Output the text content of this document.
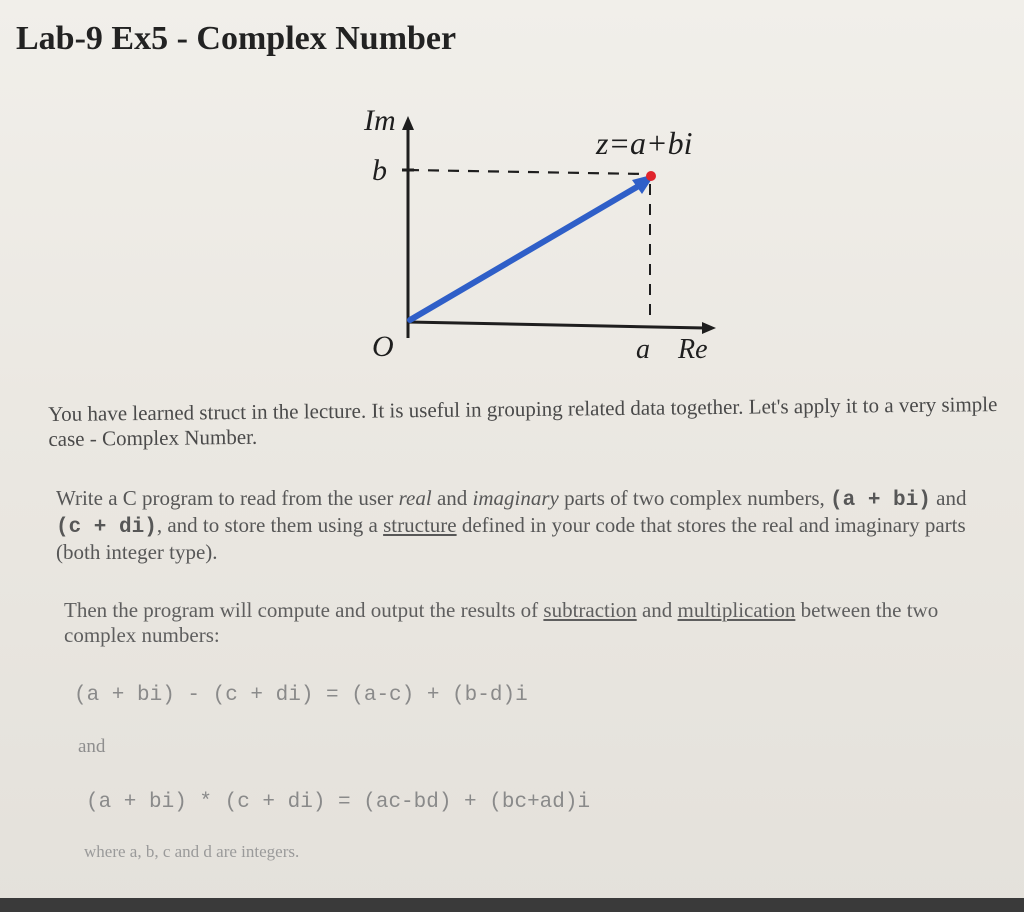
Lab-9 Ex5 - Complex Number
Im
b
O
z=a+bi
a Re

You have learned struct in the lecture. It is useful in grouping related data together. Let's apply it to a very simple case - Complex Number.

Write a C program to read from the user real and imaginary parts of two complex numbers, (a + bi) and (c + di), and to store them using a structure defined in your code that stores the real and imaginary parts (both integer type).

Then the program will compute and output the results of subtraction and multiplication between the two complex numbers:

(a + bi) - (c + di) = (a-c) + (b-d)i

and

(a + bi) * (c + di) = (ac-bd) + (bc+ad)i

where a, b, c and d are integers.
